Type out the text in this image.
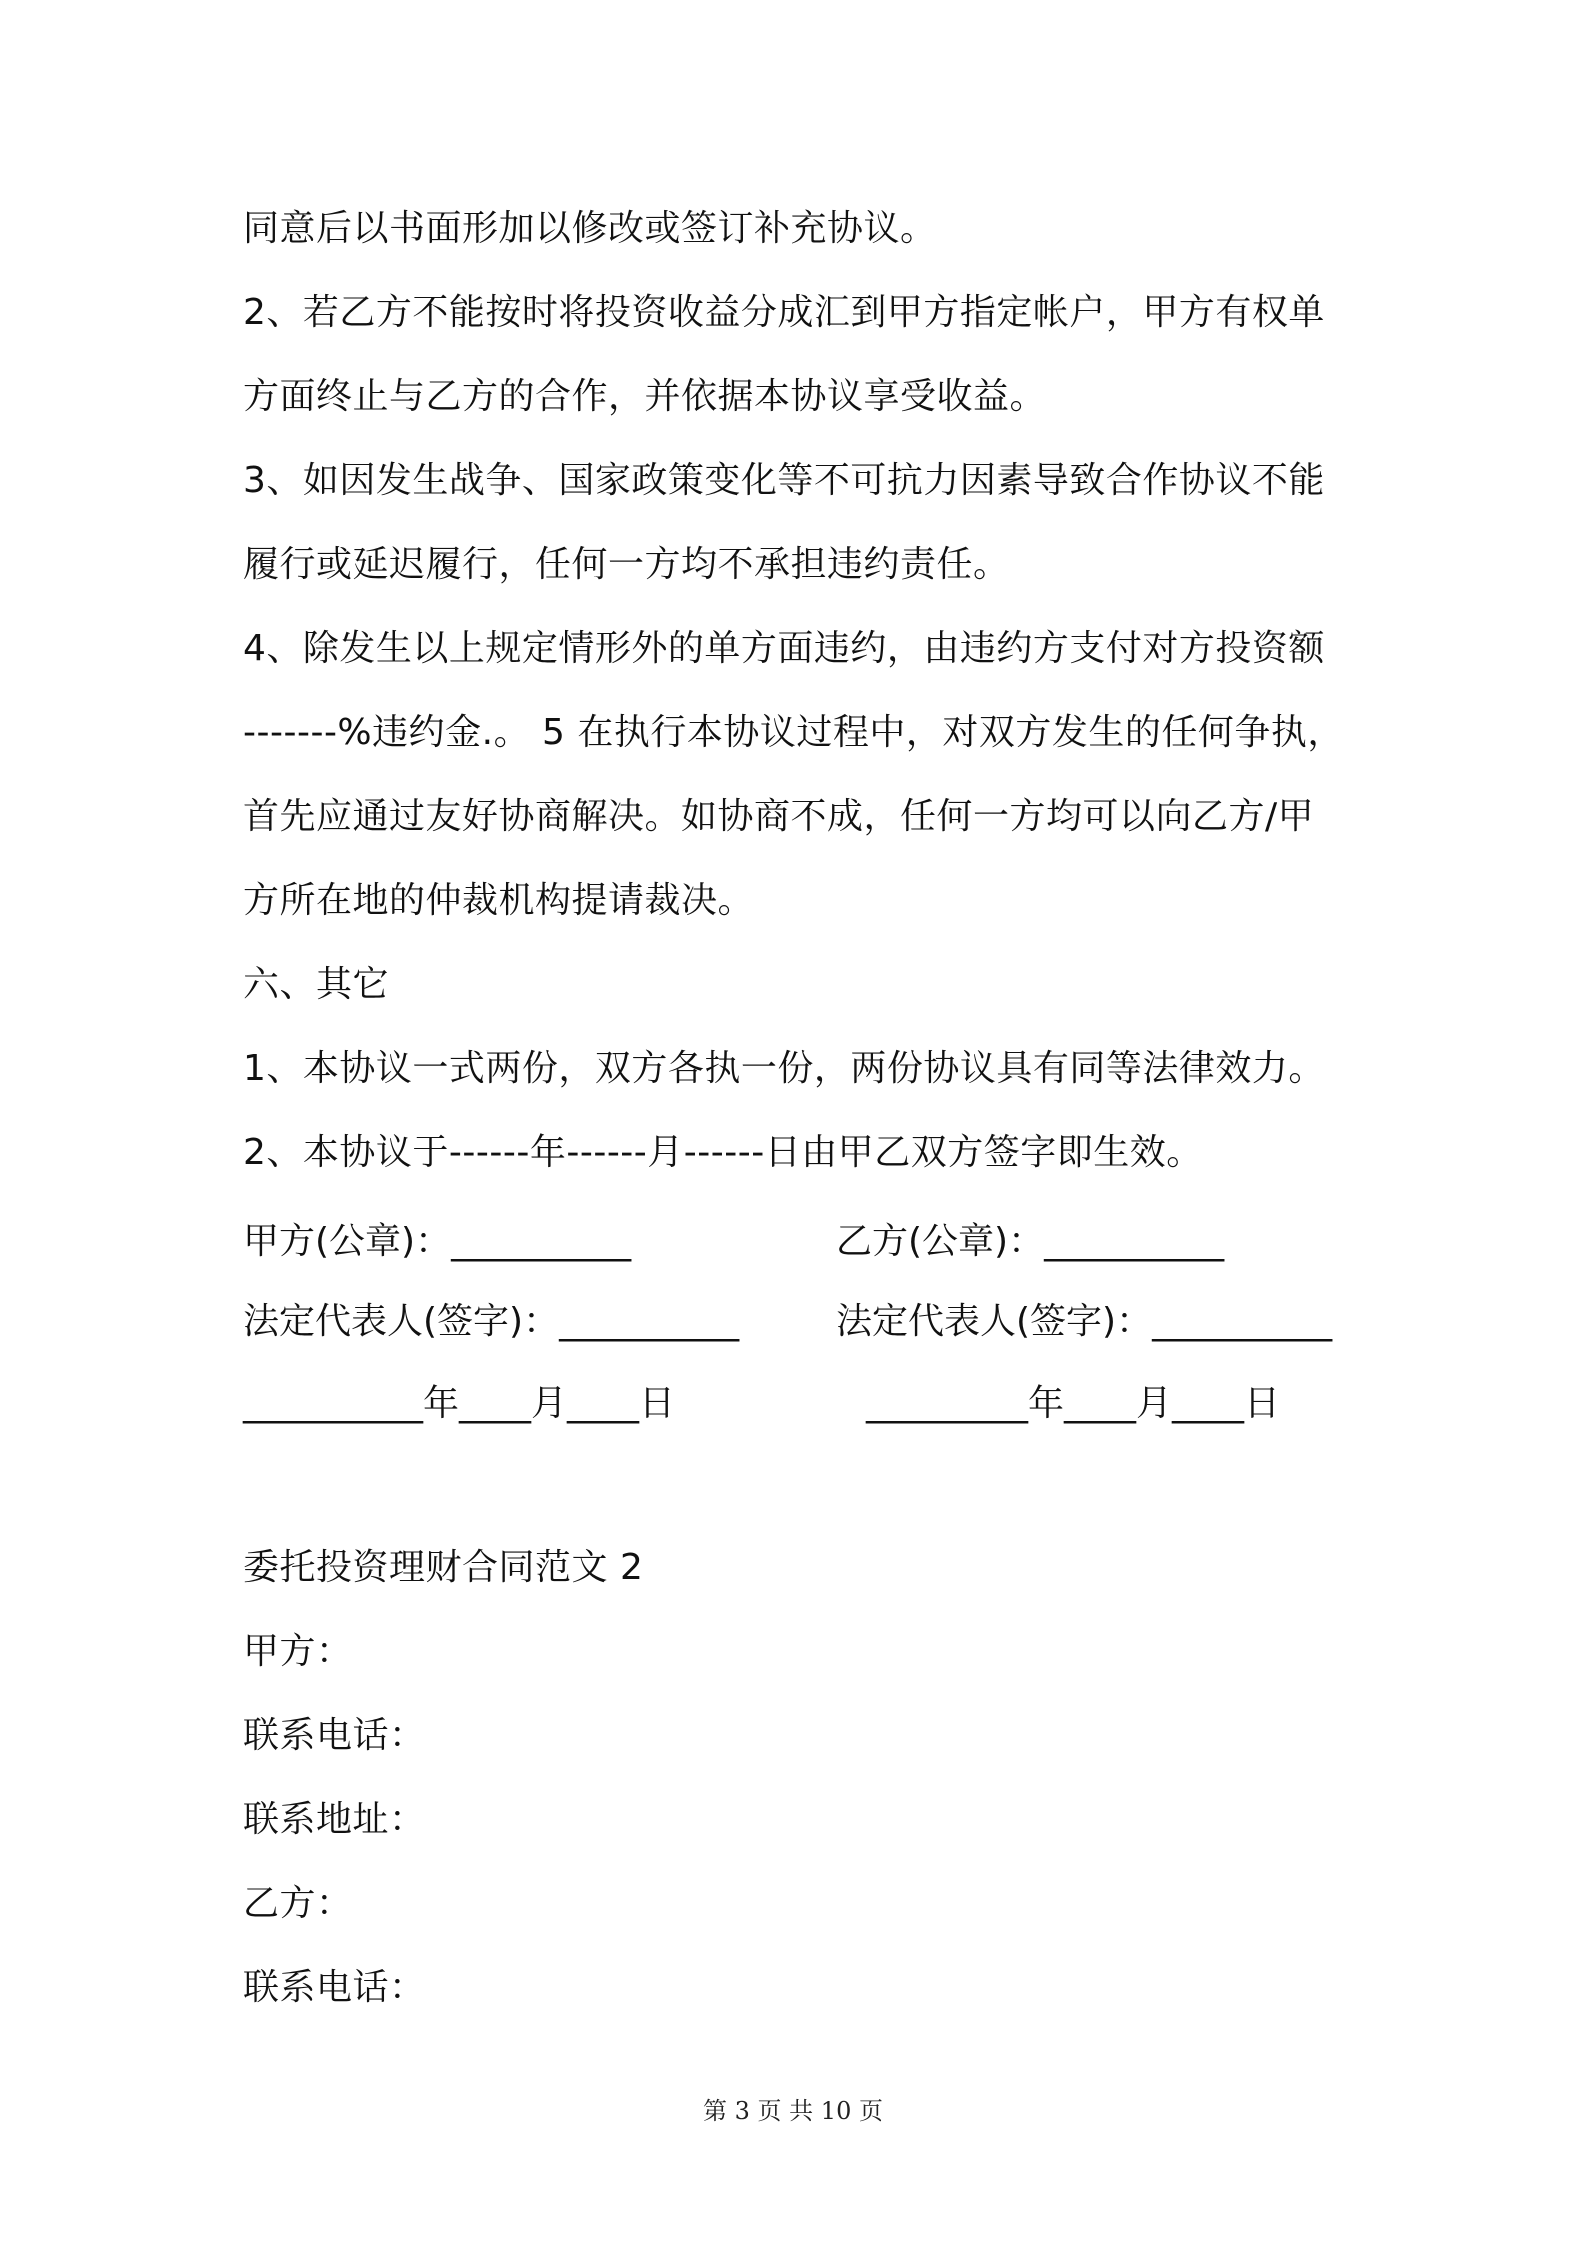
同意后以书面形加以修改或签订补充协议。

2、若乙方不能按时将投资收益分成汇到甲方指定帐户，甲方有权单

方面终止与乙方的合作，并依据本协议享受收益。

3、如因发生战争、国家政策变化等不可抗力因素导致合作协议不能

履行或延迟履行，任何一方均不承担违约责任。

4、除发生以上规定情形外的单方面违约，由违约方支付对方投资额

-------%违约金.。 5 在执行本协议过程中，对双方发生的任何争执，

首先应通过友好协商解决。如协商不成，任何一方均可以向乙方/甲

方所在地的仲裁机构提请裁决。

六、其它

1、本协议一式两份，双方各执一份，两份协议具有同等法律效力。

2、本协议于------年------月------日由甲乙双方签字即生效。

甲方(公章)：__________	乙方(公章)：__________

法定代表人(签字)：__________	法定代表人(签字)：__________

__________年____月____日	_________年____月____日

委托投资理财合同范文 2

甲方：

联系电话：

联系地址：

乙方：

联系电话：

第 3 页 共 10 页
